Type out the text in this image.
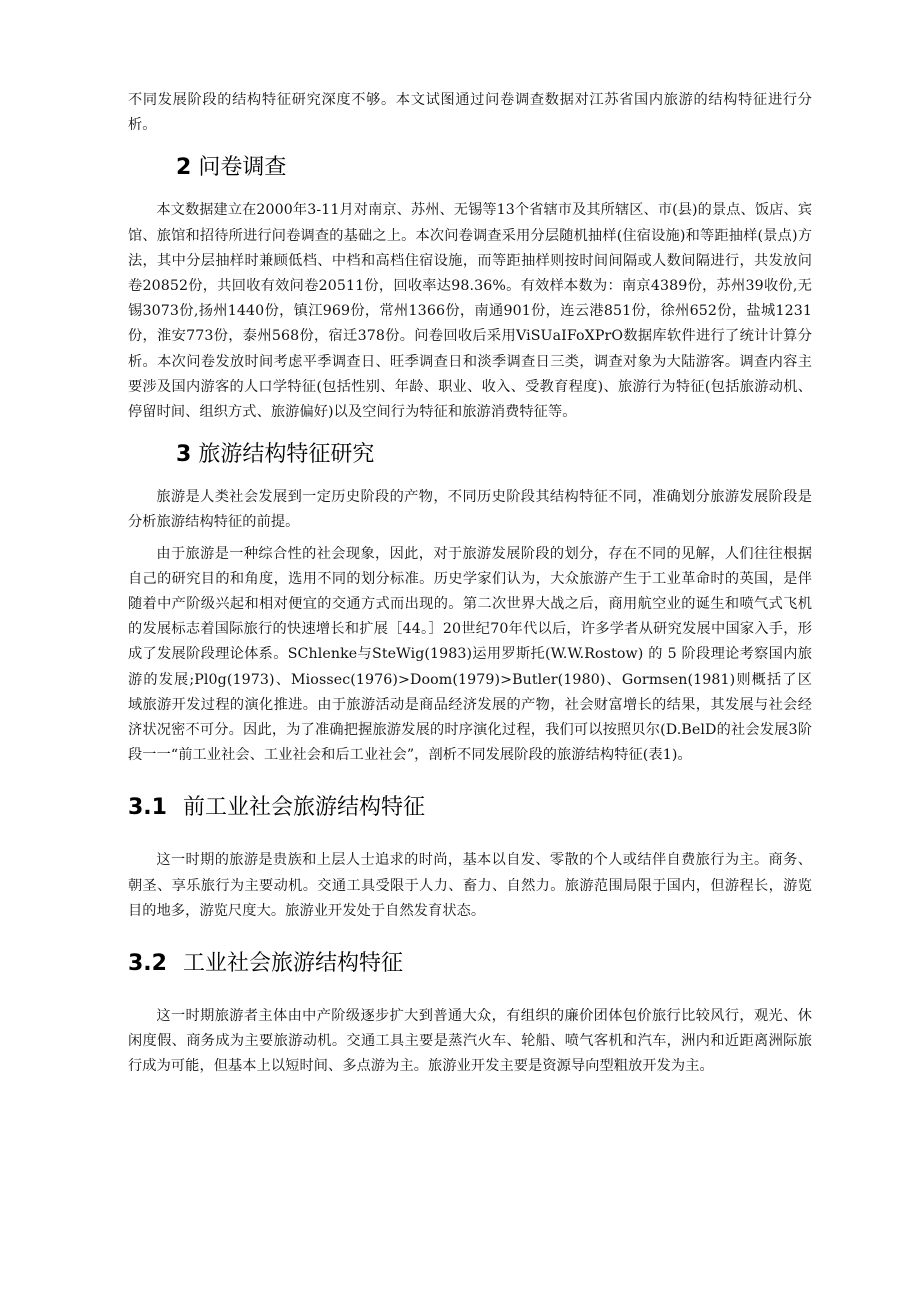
不同发展阶段的结构特征研究深度不够。本文试图通过问卷调查数据对江苏省国内旅游的结构特征进行分析。

2 问卷调查

本文数据建立在2000年3-11月对南京、苏州、无锡等13个省辖市及其所辖区、市(县)的景点、饭店、宾馆、旅馆和招待所进行问卷调查的基础之上。本次问卷调查采用分层随机抽样(住宿设施)和等距抽样(景点)方法，其中分层抽样时兼顾低档、中档和高档住宿设施，而等距抽样则按时间间隔或人数间隔进行，共发放问卷20852份，共回收有效问卷20511份，回收率达98.36%。有效样本数为：南京4389份，苏州39收份,无锡3073份,扬州1440份，镇江969份，常州1366份，南通901份，连云港851份，徐州652份，盐城1231份，淮安773份，泰州568份，宿迁378份。问卷回收后采用ViSUaIFoXPrO数据库软件进行了统计计算分析。本次问卷发放时间考虑平季调查日、旺季调查日和淡季调查日三类，调查对象为大陆游客。调查内容主要涉及国内游客的人口学特征(包括性别、年龄、职业、收入、受教育程度)、旅游行为特征(包括旅游动机、停留时间、组织方式、旅游偏好)以及空间行为特征和旅游消费特征等。

3 旅游结构特征研究

旅游是人类社会发展到一定历史阶段的产物，不同历史阶段其结构特征不同，准确划分旅游发展阶段是分析旅游结构特征的前提。

由于旅游是一种综合性的社会现象，因此，对于旅游发展阶段的划分，存在不同的见解，人们往往根据自己的研究目的和角度，选用不同的划分标准。历史学家们认为，大众旅游产生于工业革命时的英国，是伴随着中产阶级兴起和相对便宜的交通方式而出现的。第二次世界大战之后，商用航空业的诞生和喷气式飞机的发展标志着国际旅行的快速增长和扩展［44。］20世纪70年代以后，许多学者从研究发展中国家入手，形成了发展阶段理论体系。SChlenke与SteWig(1983)运用罗斯托(W.W.Rostow) 的 5 阶段理论考察国内旅游的发展;Pl0g(1973)、Miossec(1976)>Doom(1979)>Butler(1980)、Gormsen(1981)则概括了区域旅游开发过程的演化推进。由于旅游活动是商品经济发展的产物，社会财富增长的结果，其发展与社会经济状况密不可分。因此，为了准确把握旅游发展的时序演化过程，我们可以按照贝尔(D.BelD的社会发展3阶段一一“前工业社会、工业社会和后工业社会”，剖析不同发展阶段的旅游结构特征(表1)。

3.1 前工业社会旅游结构特征

这一时期的旅游是贵族和上层人士追求的时尚，基本以自发、零散的个人或结伴自费旅行为主。商务、朝圣、享乐旅行为主要动机。交通工具受限于人力、畜力、自然力。旅游范围局限于国内，但游程长，游览目的地多，游览尺度大。旅游业开发处于自然发育状态。

3.2 工业社会旅游结构特征

这一时期旅游者主体由中产阶级逐步扩大到普通大众，有组织的廉价团体包价旅行比较风行，观光、休闲度假、商务成为主要旅游动机。交通工具主要是蒸汽火车、轮船、喷气客机和汽车，洲内和近距离洲际旅行成为可能，但基本上以短时间、多点游为主。旅游业开发主要是资源导向型粗放开发为主。
